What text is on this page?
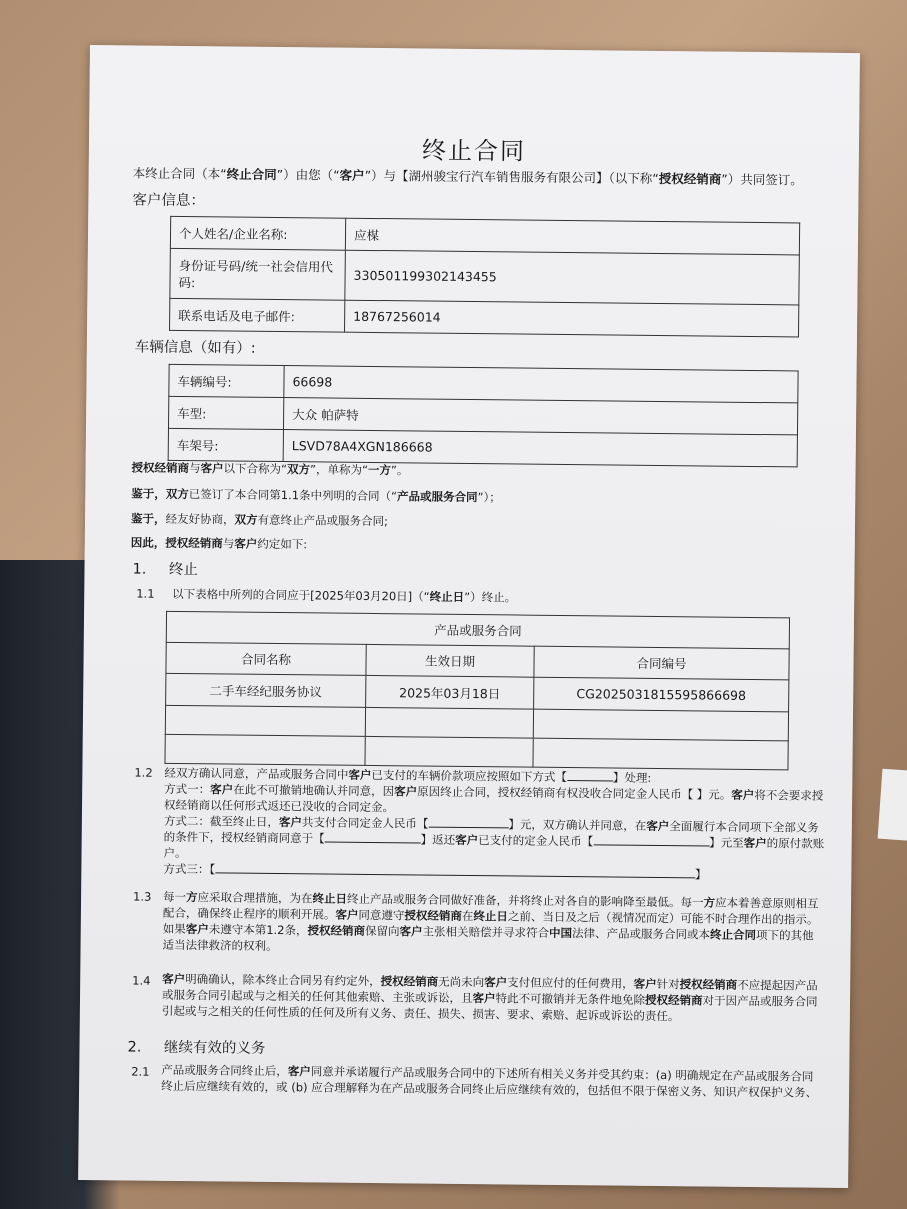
终止合同
本终止合同（本“终止合同”）由您（“客户”）与【湖州骏宝行汽车销售服务有限公司】（以下称“授权经销商”）共同签订。
客户信息：
个人姓名/企业名称:	应楳
身份证号码/统一社会信用代码:	330501199302143455
联系电话及电子邮件:	18767256014
车辆信息（如有）:
车辆编号:	66698
车型:	大众 帕萨特
车架号:	LSVD78A4XGN186668
授权经销商与客户以下合称为“双方”，单称为“一方”。
鉴于，双方已签订了本合同第1.1条中列明的合同（“产品或服务合同”）；
鉴于，经友好协商，双方有意终止产品或服务合同;
因此，授权经销商与客户约定如下:
1. 终止
1.1 以下表格中所列的合同应于[2025年03月20日]（“终止日”）终止。
产品或服务合同		
合同名称	生效日期	合同编号
二手车经纪服务协议	2025年03月18日	CG2025031815595866698

1.2 经双方确认同意，产品或服务合同中客户已支付的车辆价款项应按照如下方式【	】处理:
方式一：客户在此不可撤销地确认并同意，因客户原因终止合同，授权经销商有权没收合同定金人民币【 】元。客户将不会要求授
权经销商以任何形式返还已没收的合同定金。
方式二：截至终止日，客户共支付合同定金人民币【	】元，双方确认并同意，在客户全面履行本合同项下全部义务
的条件下，授权经销商同意于【	】返还客户已支付的定金人民币【	】元至客户的原付款账
户。
方式三：【	】
1.3 每一方应采取合理措施，为在终止日终止产品或服务合同做好准备，并将终止对各自的影响降至最低。每一方应本着善意原则相互
配合，确保终止程序的顺利开展。客户同意遵守授权经销商在终止日之前、当日及之后（视情况而定）可能不时合理作出的指示。
如果客户未遵守本第1.2条，授权经销商保留向客户主张相关赔偿并寻求符合中国法律、产品或服务合同或本终止合同项下的其他
适当法律救济的权利。
1.4 客户明确确认，除本终止合同另有约定外，授权经销商无尚未向客户支付但应付的任何费用，客户针对授权经销商不应提起因产品
或服务合同引起或与之相关的任何其他索赔、主张或诉讼，且客户特此不可撤销并无条件地免除授权经销商对于因产品或服务合同
引起或与之相关的任何性质的任何及所有义务、责任、损失、损害、要求、索赔、起诉或诉讼的责任。
2. 继续有效的义务
2.1 产品或服务合同终止后，客户同意并承诺履行产品或服务合同中的下述所有相关义务并受其约束：(a) 明确规定在产品或服务合同
终止后应继续有效的，或 (b) 应合理解释为在产品或服务合同终止后应继续有效的，包括但不限于保密义务、知识产权保护义务、
